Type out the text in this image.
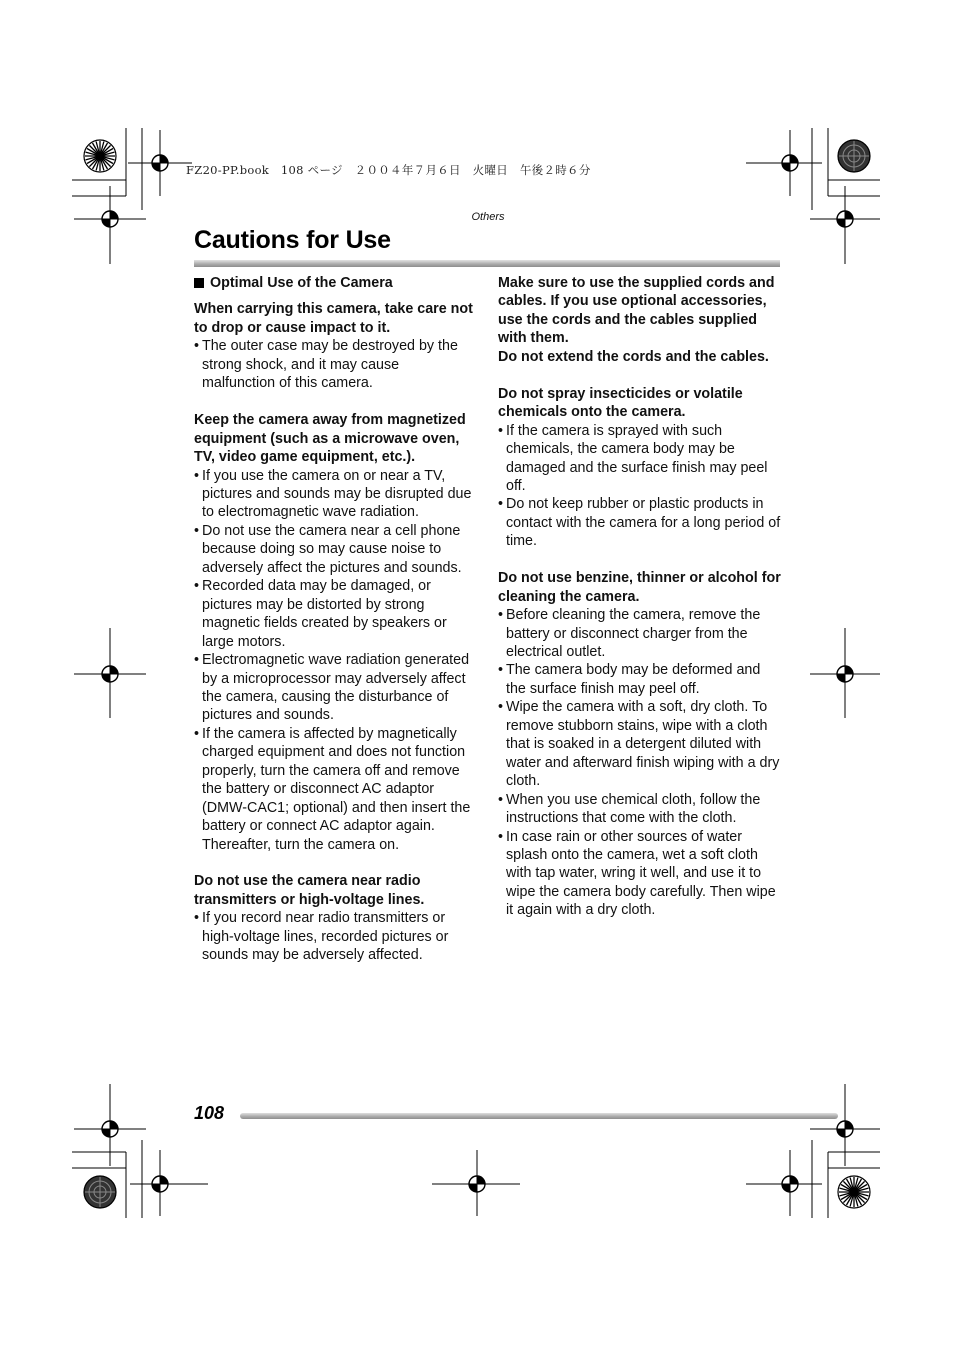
FZ20-PP.book　108 ページ　２００４年７月６日　火曜日　午後２時６分
Others
Cautions for Use
Optimal Use of the Camera

When carrying this camera, take care not to drop or cause impact to it.

• The outer case may be destroyed by the strong shock, and it may cause malfunction of this camera.

Keep the camera away from magnetized equipment (such as a microwave oven, TV, video game equipment, etc.).

• If you use the camera on or near a TV, pictures and sounds may be disrupted due to electromagnetic wave radiation.
• Do not use the camera near a cell phone because doing so may cause noise to adversely affect the pictures and sounds.
• Recorded data may be damaged, or pictures may be distorted by strong magnetic fields created by speakers or large motors.
• Electromagnetic wave radiation generated by a microprocessor may adversely affect the camera, causing the disturbance of pictures and sounds.
• If the camera is affected by magnetically charged equipment and does not function properly, turn the camera off and remove the battery or disconnect AC adaptor (DMW-CAC1; optional) and then insert the battery or connect AC adaptor again. Thereafter, turn the camera on.

Do not use the camera near radio transmitters or high-voltage lines.

• If you record near radio transmitters or high-voltage lines, recorded pictures or sounds may be adversely affected.

Make sure to use the supplied cords and cables. If you use optional accessories, use the cords and the cables supplied with them.

Do not extend the cords and the cables.

Do not spray insecticides or volatile chemicals onto the camera.

• If the camera is sprayed with such chemicals, the camera body may be damaged and the surface finish may peel off.
• Do not keep rubber or plastic products in contact with the camera for a long period of time.

Do not use benzine, thinner or alcohol for cleaning the camera.

• Before cleaning the camera, remove the battery or disconnect charger from the electrical outlet.
• The camera body may be deformed and the surface finish may peel off.
• Wipe the camera with a soft, dry cloth. To remove stubborn stains, wipe with a cloth that is soaked in a detergent diluted with water and afterward finish wiping with a dry cloth.
• When you use chemical cloth, follow the instructions that come with the cloth.
• In case rain or other sources of water splash onto the camera, wet a soft cloth with tap water, wring it well, and use it to wipe the camera body carefully. Then wipe it again with a dry cloth.
108
